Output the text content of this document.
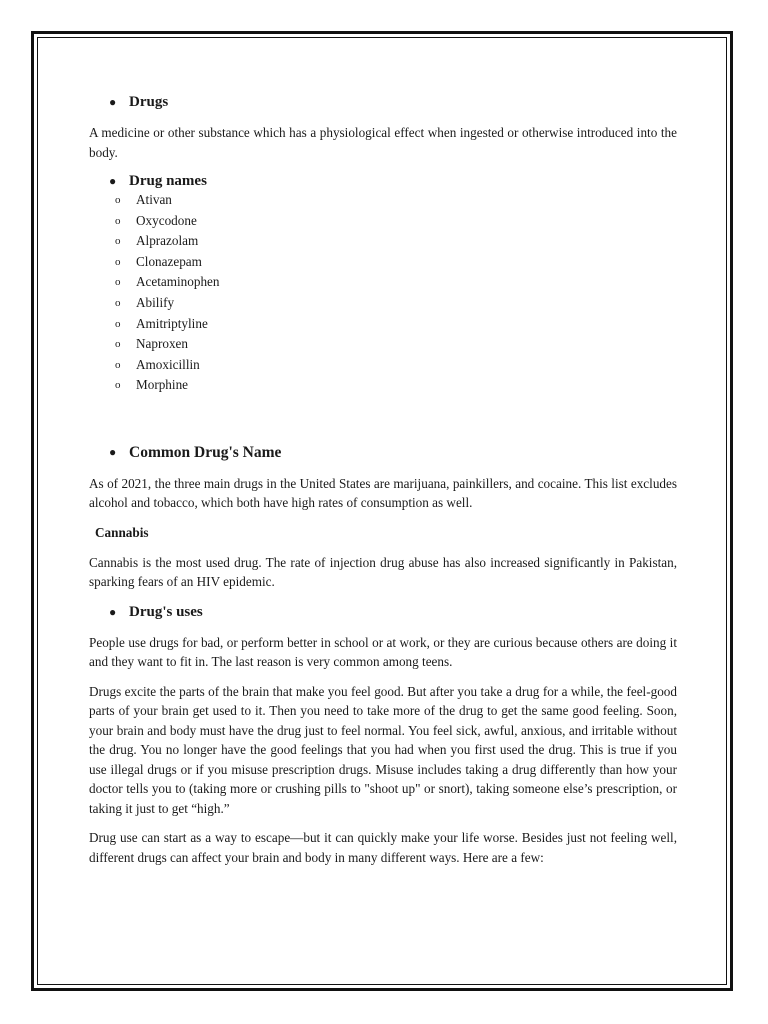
● Drugs

A medicine or other substance which has a physiological effect when ingested or otherwise introduced into the body.

● Drug names
o	Ativan
o	Oxycodone
o	Alprazolam
o	Clonazepam
o	Acetaminophen
o	Abilify
o	Amitriptyline
o	Naproxen
o	Amoxicillin
o	Morphine
● Common Drug's Name

As of 2021, the three main drugs in the United States are marijuana, painkillers, and cocaine. This list excludes alcohol and tobacco, which both have high rates of consumption as well.

Cannabis

Cannabis is the most used drug. The rate of injection drug abuse has also increased significantly in Pakistan, sparking fears of an HIV epidemic.

● Drug's uses

People use drugs for bad, or perform better in school or at work, or they are curious because others are doing it and they want to fit in. The last reason is very common among teens.

Drugs excite the parts of the brain that make you feel good. But after you take a drug for a while, the feel-good parts of your brain get used to it. Then you need to take more of the drug to get the same good feeling. Soon, your brain and body must have the drug just to feel normal. You feel sick, awful, anxious, and irritable without the drug. You no longer have the good feelings that you had when you first used the drug. This is true if you use illegal drugs or if you misuse prescription drugs. Misuse includes taking a drug differently than how your doctor tells you to (taking more or crushing pills to "shoot up" or snort), taking someone else’s prescription, or taking it just to get “high.”

Drug use can start as a way to escape—but it can quickly make your life worse. Besides just not feeling well, different drugs can affect your brain and body in many different ways. Here are a few:
